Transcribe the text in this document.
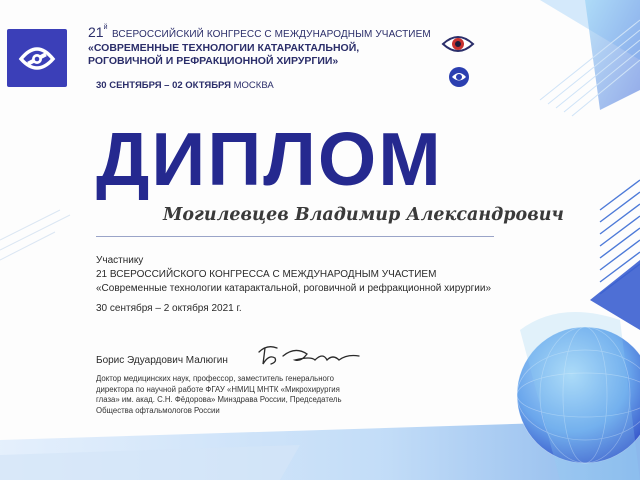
$21^й$ ВСЕРОССИЙСКИЙ КОНГРЕСС С МЕЖДУНАРОДНЫМ УЧАСТИЕМ
«СОВРЕМЕННЫЕ ТЕХНОЛОГИИ КАТАРАКТАЛЬНОЙ,
РОГОВИЧНОЙ И РЕФРАКЦИОННОЙ ХИРУРГИИ»
30 СЕНТЯБРЯ – 02 ОКТЯБРЯ МОСКВА
ДИПЛОМ
Могилевцев Владимир Александрович
Участнику
21 ВСЕРОССИЙСКОГО КОНГРЕССА С МЕЖДУНАРОДНЫМ УЧАСТИЕМ
«Современные технологии катарактальной, роговичной и рефракционной хирургии»
30 сентября – 2 октября 2021 г.
Борис Эдуардович Малюгин
Доктор медицинских наук, профессор, заместитель генерального
директора по научной работе ФГАУ «НМИЦ МНТК «Микрохирургия
глаза» им. акад. С.Н. Фёдорова» Минздрава России, Председатель
Общества офтальмологов России
